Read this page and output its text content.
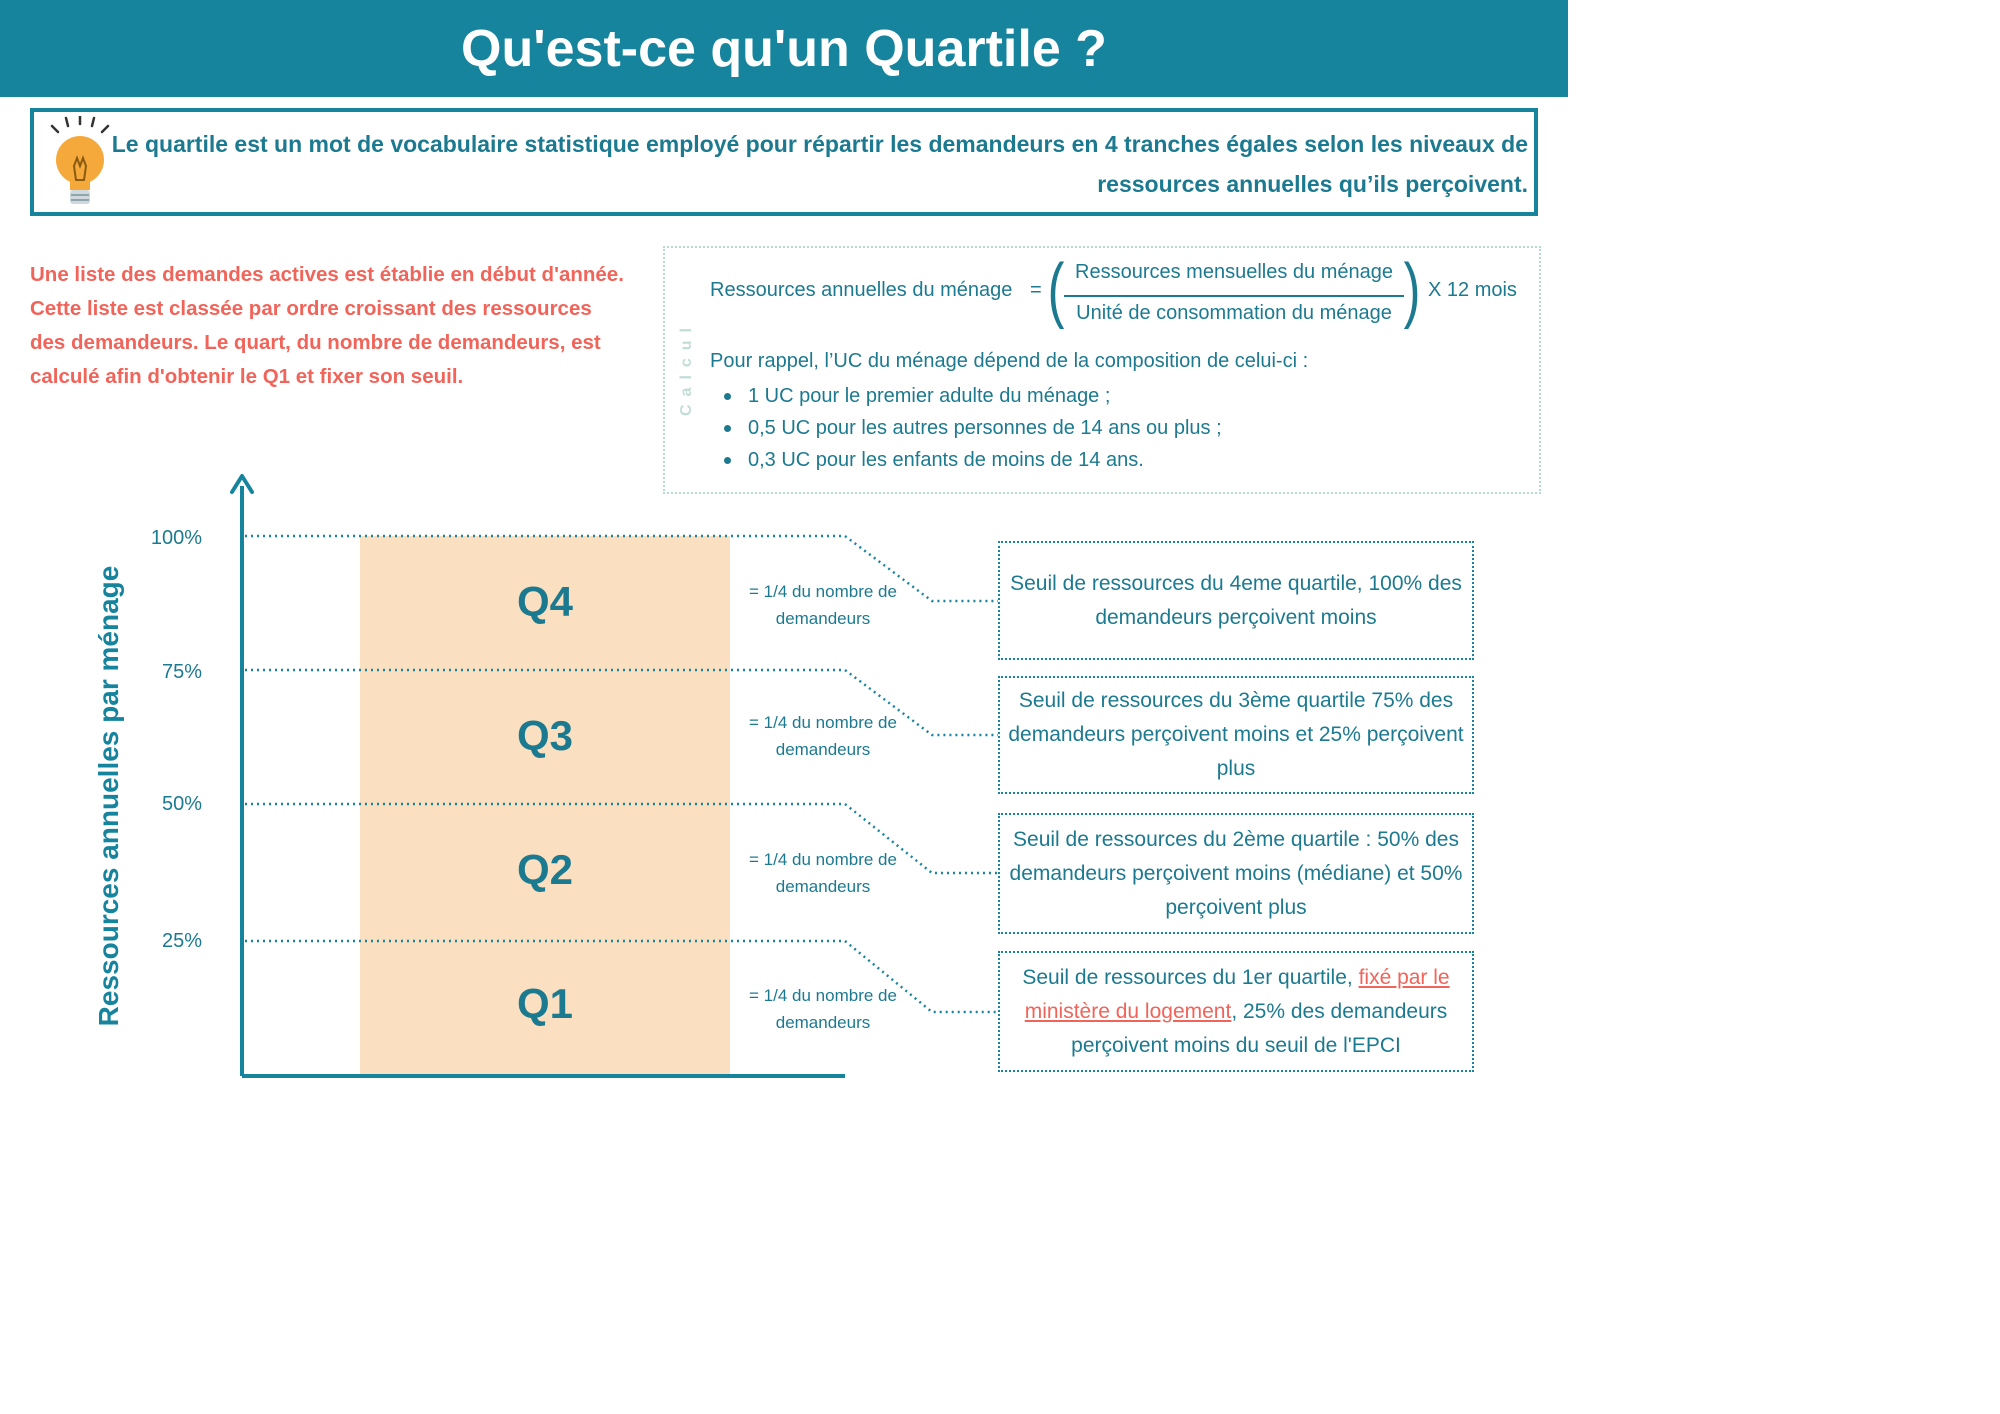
Qu'est-ce qu'un Quartile ?
Le quartile est un mot de vocabulaire statistique employé pour répartir les demandeurs en 4 tranches égales selon les niveaux de ressources annuelles qu’ils perçoivent.
Une liste des demandes actives est établie en début d'année. Cette liste est classée par ordre croissant des ressources des demandeurs. Le quart, du nombre de demandeurs, est calculé afin d'obtenir le Q1 et fixer son seuil.	Calcul
Ressources annuelles du ménage = ( Ressources mensuelles du ménage
Unité de consommation du ménage ) X 12 mois
Pour rappel, l’UC du ménage dépend de la composition de celui-ci :
1 UC pour le premier adulte du ménage ;
0,5 UC pour les autres personnes de 14 ans ou plus ;
0,3 UC pour les enfants de moins de 14 ans.
Ressources annuelles par ménage
100%
75%
50%
25%
Q4
Q3
Q2
Q1
= 1/4 du nombre de demandeurs
= 1/4 du nombre de demandeurs
= 1/4 du nombre de demandeurs
= 1/4 du nombre de demandeurs
Seuil de ressources du 4eme quartile, 100% des demandeurs perçoivent moins
Seuil de ressources du 3ème quartile 75% des demandeurs perçoivent moins et 25% perçoivent plus
Seuil de ressources du 2ème quartile : 50% des demandeurs perçoivent moins (médiane) et 50% perçoivent plus
Seuil de ressources du 1er quartile, fixé par le ministère du logement, 25% des demandeurs perçoivent moins du seuil de l'EPCI
